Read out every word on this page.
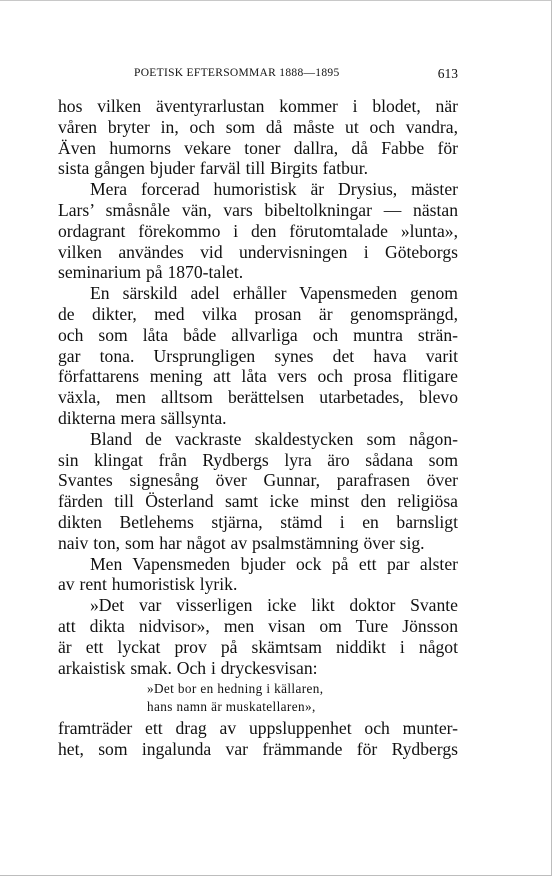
POETISK EFTERSOMMAR 1888—1895	613
hos vilken äventyrarlustan kommer i blodet, när
våren bryter in, och som då måste ut och vandra,
Även humorns vekare toner dallra, då Fabbe för
sista gången bjuder farväl till Birgits fatbur.
Mera forcerad humoristisk är Drysius, mäster
Lars’ småsnåle vän, vars bibeltolkningar — nästan
ordagrant förekommo i den förutomtalade »lunta»,
vilken användes vid undervisningen i Göteborgs
seminarium på 1870-talet.
En särskild adel erhåller Vapensmeden genom
de dikter, med vilka prosan är genomsprängd,
och som låta både allvarliga och muntra strän-
gar tona. Ursprungligen synes det hava varit
författarens mening att låta vers och prosa flitigare
växla, men alltsom berättelsen utarbetades, blevo
dikterna mera sällsynta.
Bland de vackraste skaldestycken som någon-
sin klingat från Rydbergs lyra äro sådana som
Svantes signesång över Gunnar, parafrasen över
färden till Österland samt icke minst den religiösa
dikten Betlehems stjärna, stämd i en barnsligt
naiv ton, som har något av psalmstämning över sig.
Men Vapensmeden bjuder ock på ett par alster
av rent humoristisk lyrik.
»Det var visserligen icke likt doktor Svante
att dikta nidvisor», men visan om Ture Jönsson
är ett lyckat prov på skämtsam niddikt i något
arkaistisk smak. Och i dryckesvisan:
»Det bor en hedning i källaren,
hans namn är muskatellaren»,
framträder ett drag av uppsluppenhet och munter-
het, som ingalunda var främmande för Rydbergs
